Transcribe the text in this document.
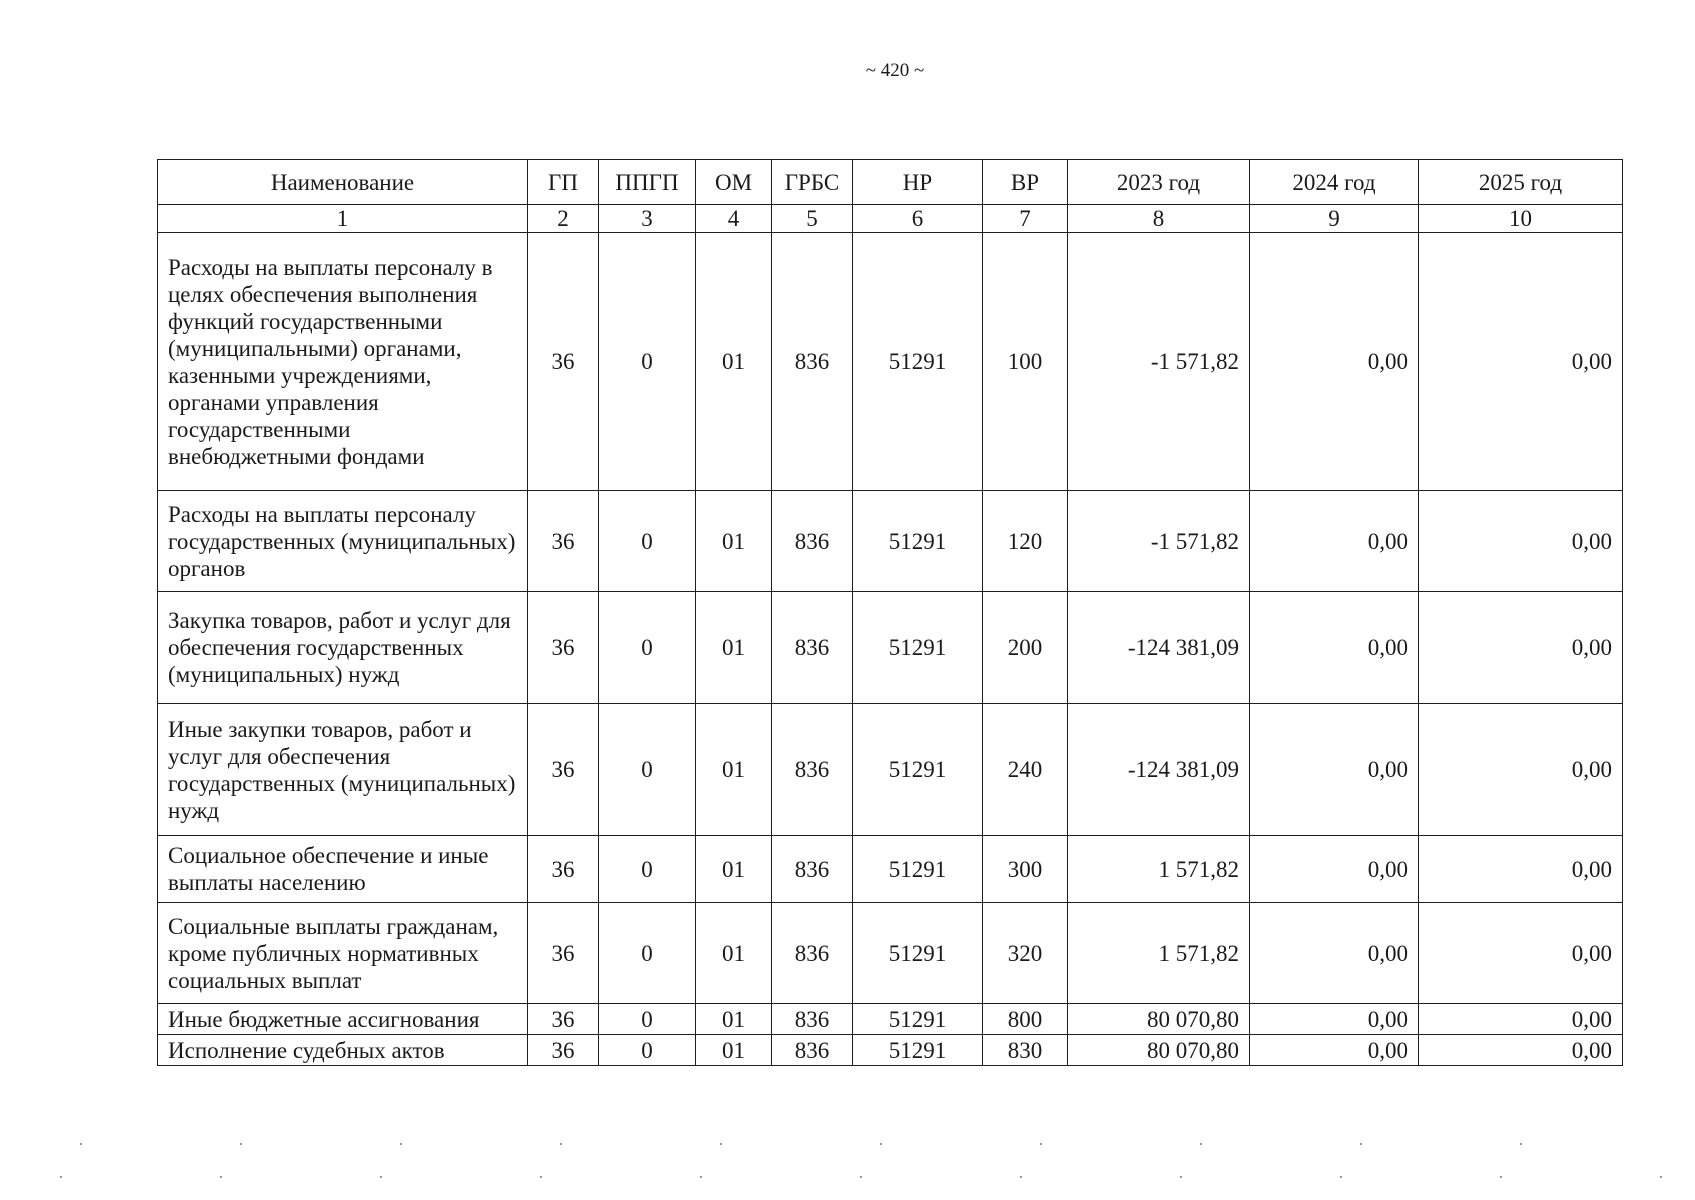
~ 420 ~
Наименование	ГП	ППГП	ОМ	ГРБС	НР	ВР	2023 год	2024 год	2025 год
1	2	3	4	5	6	7	8	9	10
Расходы на выплаты персоналу в целях обеспечения выполнения функций государственными (муниципальными) органами, казенными учреждениями, органами управления государственными внебюджетными фондами	36	0	01	836	51291	100	-1 571,82	0,00	0,00
Расходы на выплаты персоналу государственных (муниципальных) органов	36	0	01	836	51291	120	-1 571,82	0,00	0,00
Закупка товаров, работ и услуг для обеспечения государственных (муниципальных) нужд	36	0	01	836	51291	200	-124 381,09	0,00	0,00
Иные закупки товаров, работ и услуг для обеспечения государственных (муниципальных) нужд	36	0	01	836	51291	240	-124 381,09	0,00	0,00
Социальное обеспечение и иные выплаты населению	36	0	01	836	51291	300	1 571,82	0,00	0,00
Социальные выплаты гражданам, кроме публичных нормативных социальных выплат	36	0	01	836	51291	320	1 571,82	0,00	0,00
Иные бюджетные ассигнования	36	0	01	836	51291	800	80 070,80	0,00	0,00
Исполнение судебных актов	36	0	01	836	51291	830	80 070,80	0,00	0,00
